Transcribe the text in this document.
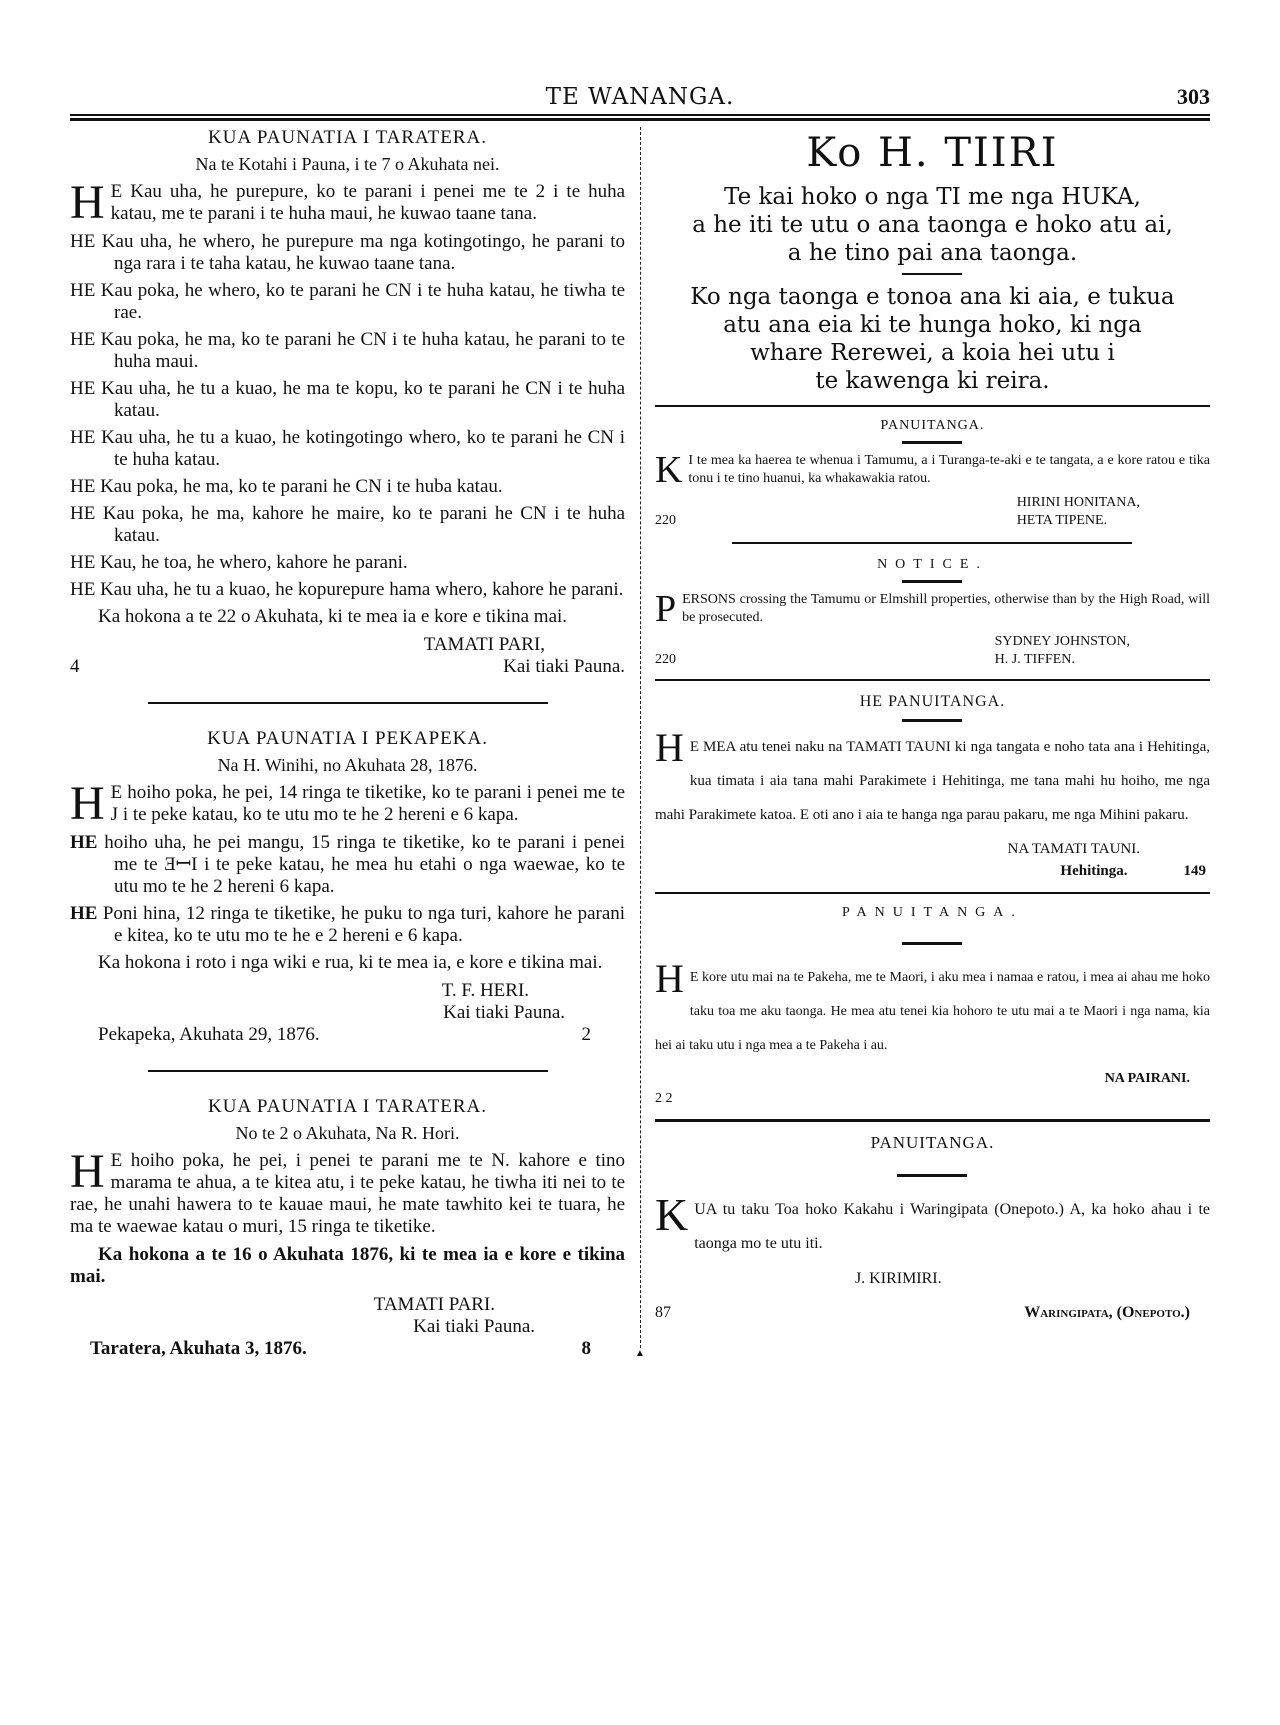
TE WANANGA.	303
KUA PAUNATIA I TARATERA.
Na te Kotahi i Pauna, i te 7 o Akuhata nei.
H E Kau uha, he purepure, ko te parani i penei me te 2 i te huha katau, me te parani i te huha maui, he kuwao taane tana.
HE Kau uha, he whero, he purepure ma nga kotingotingo, he parani to nga rara i te taha katau, he kuwao taane tana.
HE Kau poka, he whero, ko te parani he CN i te huha katau, he tiwha te rae.
HE Kau poka, he ma, ko te parani he CN i te huha katau, he parani to te huha maui.
HE Kau uha, he tu a kuao, he ma te kopu, ko te parani he CN i te huha katau.
HE Kau uha, he tu a kuao, he kotingotingo whero, ko te parani he CN i te huha katau.
HE Kau poka, he ma, ko te parani he CN i te huba katau.
HE Kau poka, he ma, kahore he maire, ko te parani he CN i te huha katau.
HE Kau, he toa, he whero, kahore he parani.
HE Kau uha, he tu a kuao, he kopurepure hama whero, kahore he parani.
Ka hokona a te 22 o Akuhata, ki te mea ia e kore e tikina mai.
TAMATI PARI,
4	Kai tiaki Pauna.
KUA PAUNATIA I PEKAPEKA.
Na H. Winihi, no Akuhata 28, 1876.
H E hoiho poka, he pei, 14 ringa te tiketike, ko te parani i penei me te J i te peke katau, ko te utu mo te he 2 hereni e 6 kapa.
HE hoiho uha, he pei mangu, 15 ringa te tiketike, ko te parani i penei me te ƎꟷI i te peke katau, he mea hu etahi o nga waewae, ko te utu mo te he 2 hereni 6 kapa.
HE Poni hina, 12 ringa te tiketike, he puku to nga turi, kahore he parani e kitea, ko te utu mo te he e 2 hereni e 6 kapa.
Ka hokona i roto i nga wiki e rua, ki te mea ia, e kore e tikina mai.
T. F. HERI.
Kai tiaki Pauna.
Pekapeka, Akuhata 29, 1876.	2
KUA PAUNATIA I TARATERA.
No te 2 o Akuhata, Na R. Hori.
H E hoiho poka, he pei, i penei te parani me te N. kahore e tino marama te ahua, a te kitea atu, i te peke katau, he tiwha iti nei to te rae, he unahi hawera to te kauae maui, he mate tawhito kei te tuara, he ma te waewae katau o muri, 15 ringa te tiketike.
Ka hokona a te 16 o Akuhata 1876, ki te mea ia e kore e tikina mai.
TAMATI PARI.
Kai tiaki Pauna.
Taratera, Akuhata 3, 1876.	8	▲
Ko H. TIIRI
Te kai hoko o nga TI me nga HUKA,
a he iti te utu o ana taonga e hoko atu ai,
a he tino pai ana taonga.
Ko nga taonga e tonoa ana ki aia, e tukua
atu ana eia ki te hunga hoko, ki nga
whare Rerewei, a koia hei utu i
te kawenga ki reira.
PANUITANGA.
K I te mea ka haerea te whenua i Tamumu, a i Turanga-te-aki e te tangata, a e kore ratou e tika tonu i te tino huanui, ka whakawakia ratou.
220
HIRINI HONITANA,
HETA TIPENE.
NOTICE.
PERSONS crossing the Tamumu or Elmshill properties, otherwise than by the High Road, will be prosecuted.
220
SYDNEY JOHNSTON,
H. J. TIFFEN.
HE PANUITANGA.
H E MEA atu tenei naku na TAMATI TAUNI ki nga tangata e noho tata ana i Hehitinga, kua timata i aia tana mahi Parakimete i Hehitinga, me tana mahi hu hoiho, me nga mahi Parakimete katoa. E oti ano i aia te hanga nga parau pakaru, me nga Mihini pakaru.
NA TAMATI TAUNI.
Hehitinga.	149
PANUITANGA.
H E kore utu mai na te Pakeha, me te Maori, i aku mea i namaa e ratou, i mea ai ahau me hoko taku toa me aku taonga. He mea atu tenei kia hohoro te utu mai a te Maori i nga nama, kia hei ai taku utu i nga mea a te Pakeha i au.
NA PAIRANI.
2 2
PANUITANGA.
KUA tu taku Toa hoko Kakahu i Waringipata (Onepoto.) A, ka hoko ahau i te taonga mo te utu iti.
J. KIRIMIRI.
87	Waringipata, (Onepoto.)
